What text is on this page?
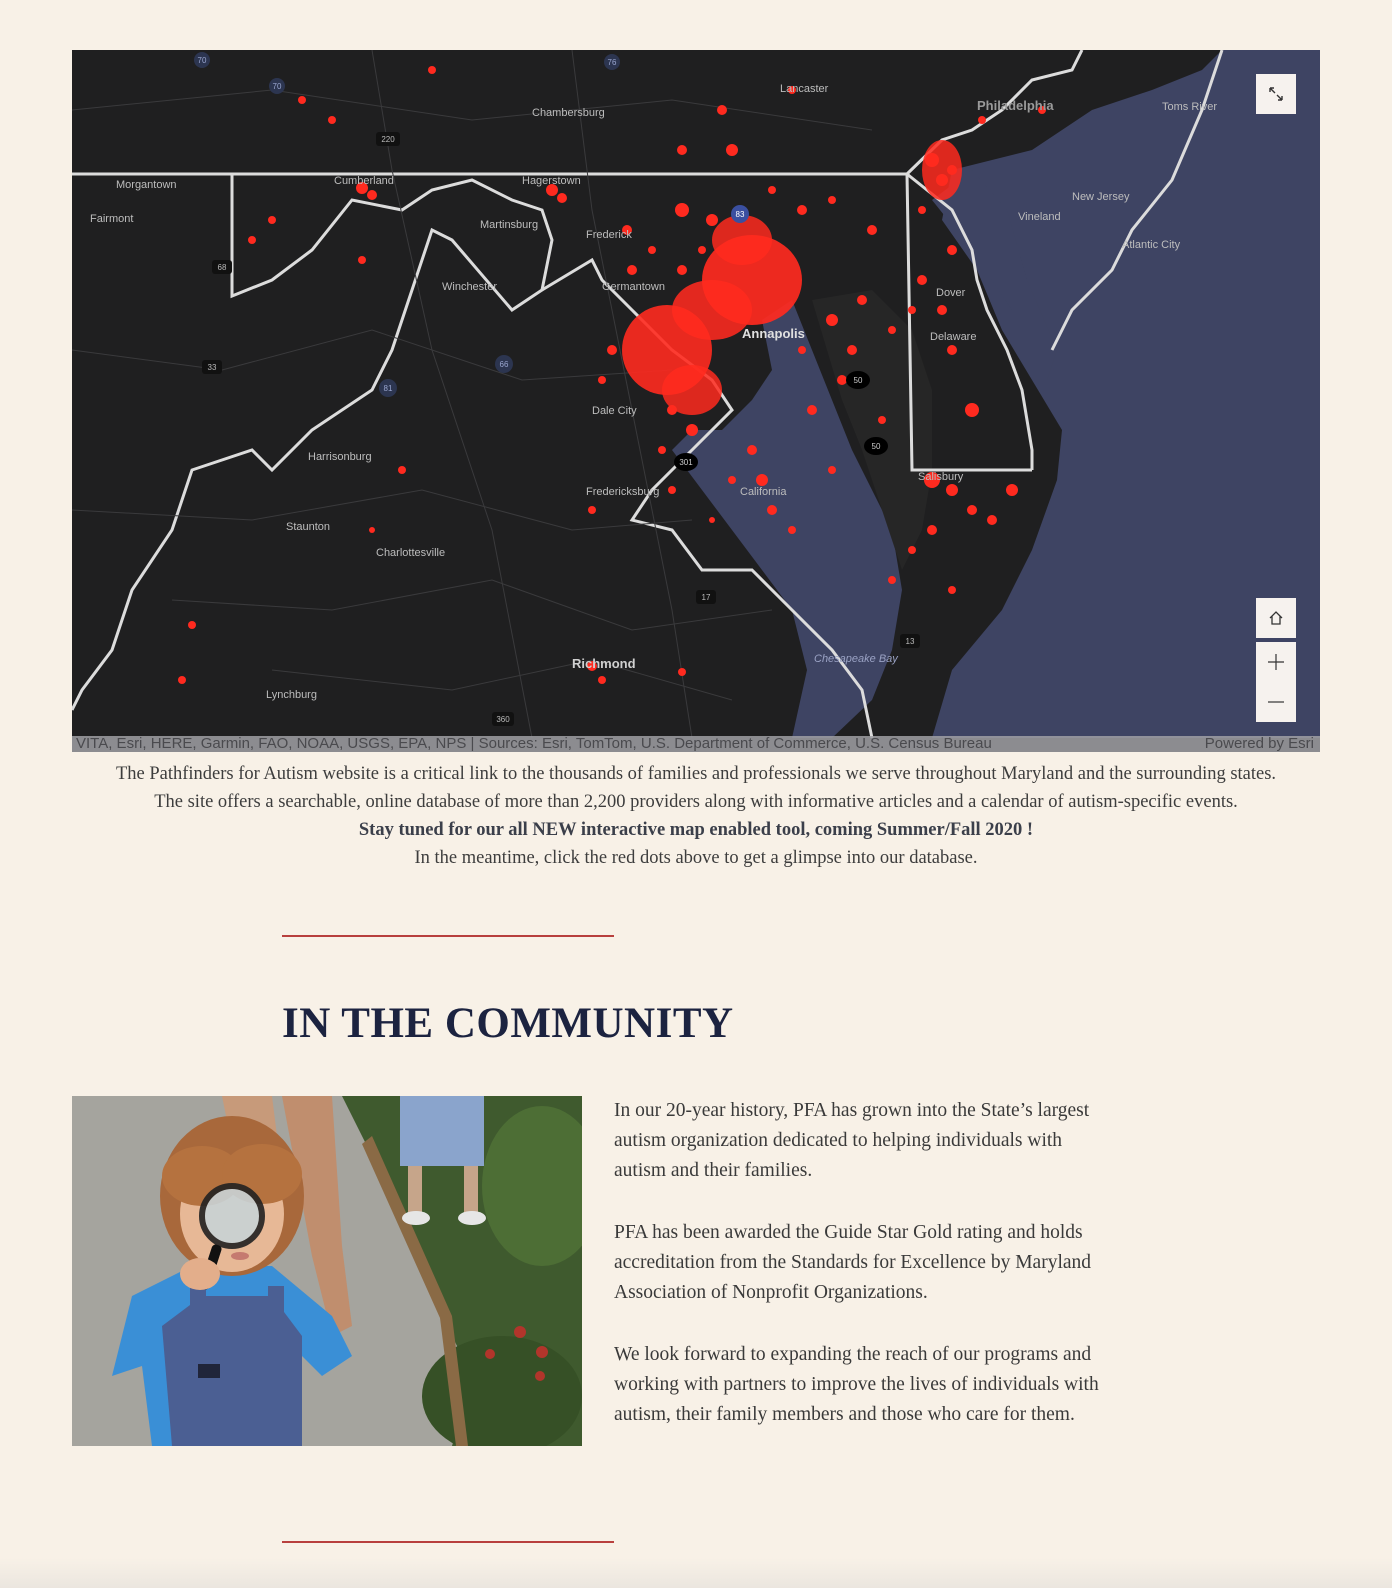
Cumberland	Hagerstown
Frederick
Germantown
Annapolis
Dover
Delaware
Salisbury
Harrisonburg
Staunton
Charlottesville
Richmond
Lynchburg
Chesapeake Bay
Philadelphia
Lancaster
Chambersburg
Winchester
Martinsburg
Vineland
Atlantic City
New Jersey
Toms River
Fairmont
Morgantown
Dale City
Fredericksburg	California
70
70
76
220
83
68
81
33	66
301
50
50
13
17
360
VITA, Esri, HERE, Garmin, FAO, NOAA, USGS, EPA, NPS | Sources: Esri, TomTom, U.S. Department of Commerce, U.S. Census Bureau	Powered by Esri

The Pathfinders for Autism website is a critical link to the thousands of families and professionals we serve throughout Maryland and the surrounding states.

The site offers a searchable, online database of more than 2,200 providers along with informative articles and a calendar of autism-specific events.

Stay tuned for our all NEW interactive map enabled tool, coming Summer/Fall 2020 !

In the meantime, click the red dots above to get a glimpse into our database.

IN THE COMMUNITY

In our 20-year history, PFA has grown into the State’s largest autism organization dedicated to helping individuals with autism and their families.

PFA has been awarded the Guide Star Gold rating and holds accreditation from the Standards for Excellence by Maryland Association of Nonprofit Organizations.

We look forward to expanding the reach of our programs and working with partners to improve the lives of individuals with autism, their family members and those who care for them.
